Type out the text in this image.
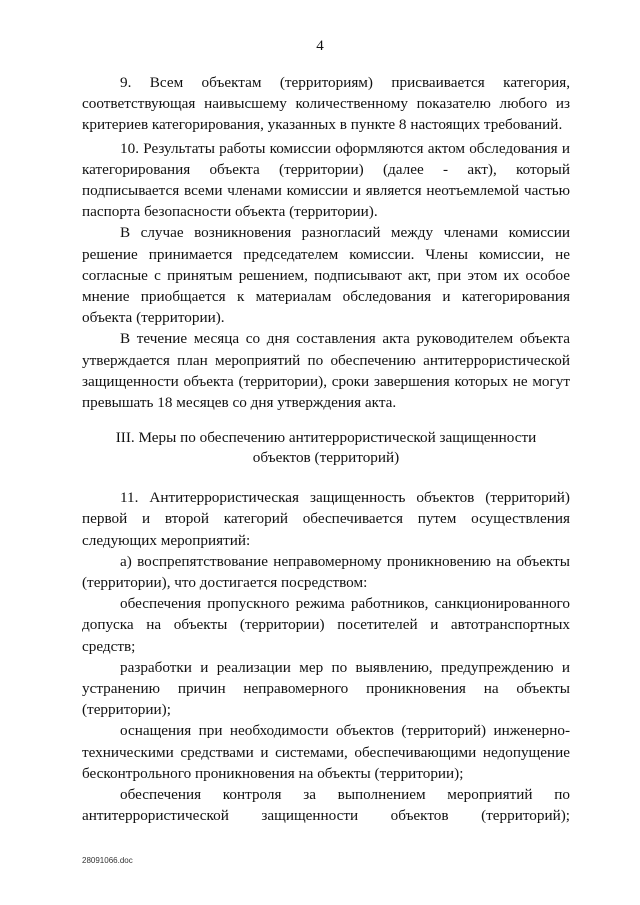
4

9. Всем объектам (территориям) присваивается категория, соответствующая наивысшему количественному показателю любого из критериев категорирования, указанных в пункте 8 настоящих требований.

10. Результаты работы комиссии оформляются актом обследования и категорирования объекта (территории) (далее - акт), который подписывается всеми членами комиссии и является неотъемлемой частью паспорта безопасности объекта (территории).

В случае возникновения разногласий между членами комиссии решение принимается председателем комиссии. Члены комиссии, не согласные с принятым решением, подписывают акт, при этом их особое мнение приобщается к материалам обследования и категорирования объекта (территории).

В течение месяца со дня составления акта руководителем объекта утверждается план мероприятий по обеспечению антитеррористической защищенности объекта (территории), сроки завершения которых не могут превышать 18 месяцев со дня утверждения акта.

III. Меры по обеспечению антитеррористической защищенности
объектов (территорий)

11. Антитеррористическая защищенность объектов (территорий) первой и второй категорий обеспечивается путем осуществления следующих мероприятий:

а) воспрепятствование неправомерному проникновению на объекты (территории), что достигается посредством:

обеспечения пропускного режима работников, санкционированного допуска на объекты (территории) посетителей и автотранспортных средств;

разработки и реализации мер по выявлению, предупреждению и устранению причин неправомерного проникновения на объекты (территории);

оснащения при необходимости объектов (территорий) инженерно-техническими средствами и системами, обеспечивающими недопущение бесконтрольного проникновения на объекты (территории);

обеспечения контроля за выполнением мероприятий по антитеррористической защищенности объектов (территорий);

28091066.doc
